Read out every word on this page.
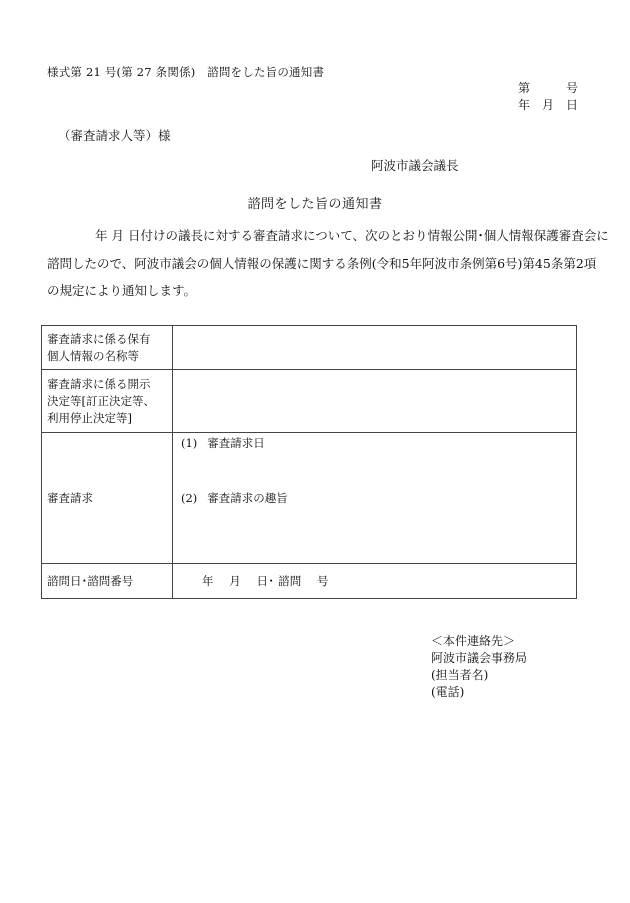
様式第 21 号(第 27 条関係)　諮問をした旨の通知書
第　　　号
年　月　日
（審査請求人等）様
阿波市議会議長
諮問をした旨の通知書
年 月 日付けの議長に対する審査請求について、次のとおり情報公開･個人情報保護審査会に
諮問したので、阿波市議会の個人情報の保護に関する条例(令和5年阿波市条例第6号)第45条第2項
の規定により通知します。
審査請求に係る保有
個人情報の名称等	

審査請求に係る開示
決定等[訂正決定等、
利用停止決定等]	

審査請求	(1) 審査請求日
(2) 審査請求の趣旨

諮問日･諮問番号	年　 月　 日･ 諮問　 号
＜本件連絡先＞
阿波市議会事務局
(担当者名)
(電話)
